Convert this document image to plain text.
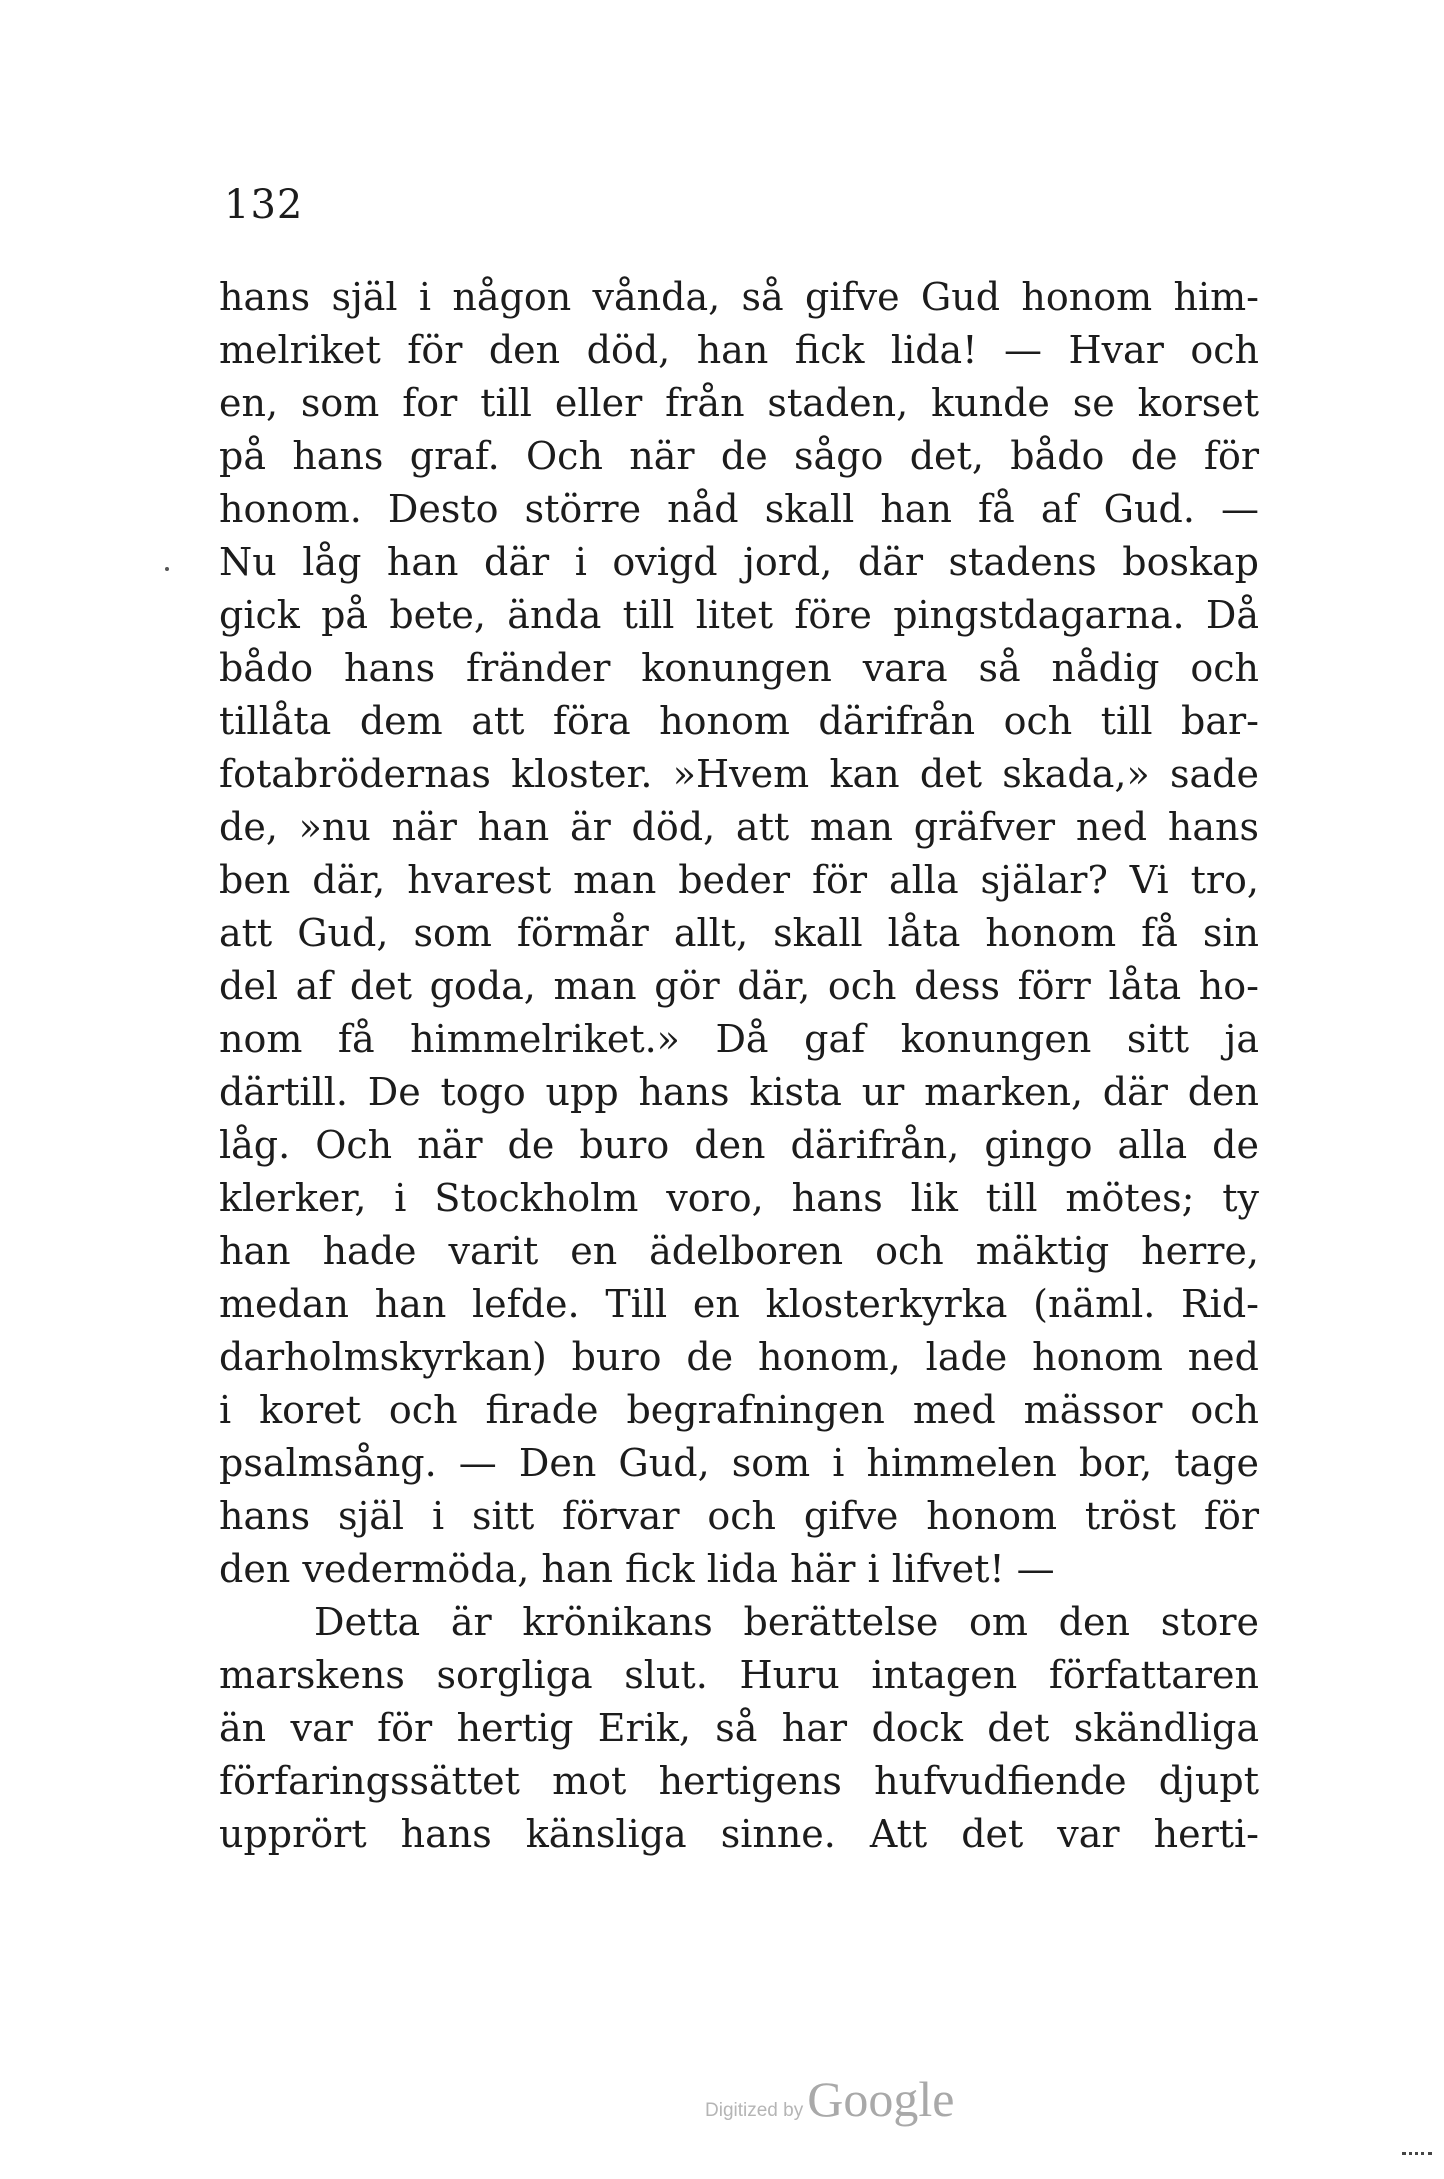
132
hans själ i någon vånda, så gifve Gud honom him-
melriket för den död, han fick lida! — Hvar och
en, som for till eller från staden, kunde se korset
på hans graf. Och när de sågo det, bådo de för
honom. Desto större nåd skall han få af Gud. —
Nu låg han där i ovigd jord, där stadens boskap
gick på bete, ända till litet före pingstdagarna. Då
bådo hans fränder konungen vara så nådig och
tillåta dem att föra honom därifrån och till bar-
fotabrödernas kloster. »Hvem kan det skada,» sade
de, »nu när han är död, att man gräfver ned hans
ben där, hvarest man beder för alla själar? Vi tro,
att Gud, som förmår allt, skall låta honom få sin
del af det goda, man gör där, och dess förr låta ho-
nom få himmelriket.» Då gaf konungen sitt ja
därtill. De togo upp hans kista ur marken, där den
låg. Och när de buro den därifrån, gingo alla de
klerker, i Stockholm voro, hans lik till mötes; ty
han hade varit en ädelboren och mäktig herre,
medan han lefde. Till en klosterkyrka (näml. Rid-
darholmskyrkan) buro de honom, lade honom ned
i koret och firade begrafningen med mässor och
psalmsång. — Den Gud, som i himmelen bor, tage
hans själ i sitt förvar och gifve honom tröst för
den vedermöda, han fick lida här i lifvet! —
Detta är krönikans berättelse om den store
marskens sorgliga slut. Huru intagen författaren
än var för hertig Erik, så har dock det skändliga
förfaringssättet mot hertigens hufvudfiende djupt
upprört hans känsliga sinne. Att det var herti-
Digitized byGoogle
